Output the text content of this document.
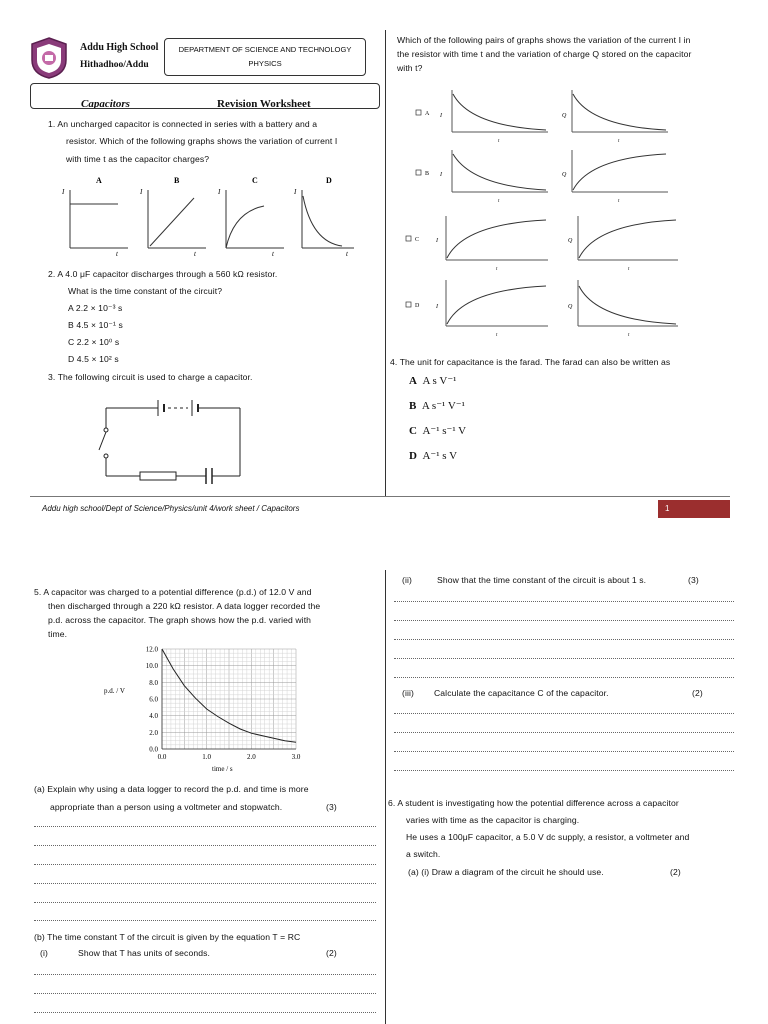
Addu High School
Hithadhoo/Addu
DEPARTMENT OF SCIENCE AND TECHNOLOGY
PHYSICS
Capacitors	Revision Worksheet
1. An uncharged capacitor is connected in series with a battery and a
resistor. Which of the following graphs shows the variation of current I
with time t as the capacitor charges?
A
I
t
B
I
t
C
I
t
D
I
t
2. A 4.0 μF capacitor discharges through a 560 kΩ resistor.
What is the time constant of the circuit?
A 2.2 × 10⁻³ s
B 4.5 × 10⁻¹ s
C 2.2 × 10⁰ s
D 4.5 × 10² s
3. The following circuit is used to charge a capacitor.
Which of the following pairs of graphs shows the variation of the current I in
the resistor with time t and the variation of charge Q stored on the capacitor
with t?
A I
t
Q
t
B I
t
Q
t
C	I
t
Q
t
D	I
t
Q
t
4. The unit for capacitance is the farad. The farad can also be written as
A A s V⁻¹
B A s⁻¹ V⁻¹
C A⁻¹ s⁻¹ V
D A⁻¹ s V
Addu high school/Dept of Science/Physics/unit 4/work sheet / Capacitors	1
5. A capacitor was charged to a potential difference (p.d.) of 12.0 V and
then discharged through a 220 kΩ resistor. A data logger recorded the
p.d. across the capacitor. The graph shows how the p.d. varied with
time.
0.0
2.0
4.0
6.0
8.0
10.0
12.0
0.0	1.0	2.0	3.0
p.d. / V
time / s
(a) Explain why using a data logger to record the p.d. and time is more
appropriate than a person using a voltmeter and stopwatch.	(3)
(b) The time constant T of the circuit is given by the equation T = RC
(i)	Show that T has units of seconds.	(2)
(ii)	Show that the time constant of the circuit is about 1 s.	(3)
(iii) Calculate the capacitance C of the capacitor.	(2)
6. A student is investigating how the potential difference across a capacitor
varies with time as the capacitor is charging.
He uses a 100μF capacitor, a 5.0 V dc supply, a resistor, a voltmeter and
a switch.
(a) (i) Draw a diagram of the circuit he should use.	(2)
